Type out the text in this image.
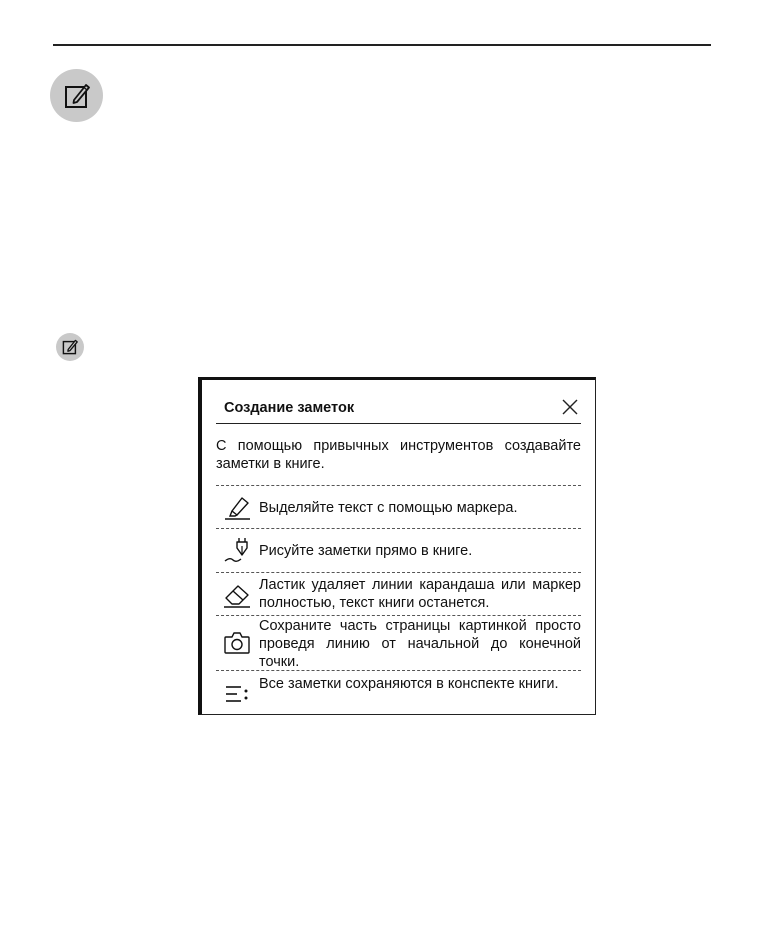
Создание заметок
С помощью привычных инструментов создавайте заметки в книге.
Выделяйте текст с помощью маркера.
Рисуйте заметки прямо в книге.
Ластик удаляет линии карандаша или маркер полностью, текст книги останется.
Сохраните часть страницы картинкой просто проведя линию от начальной до конечной точки.
Все заметки сохраняются в конспекте книги.
